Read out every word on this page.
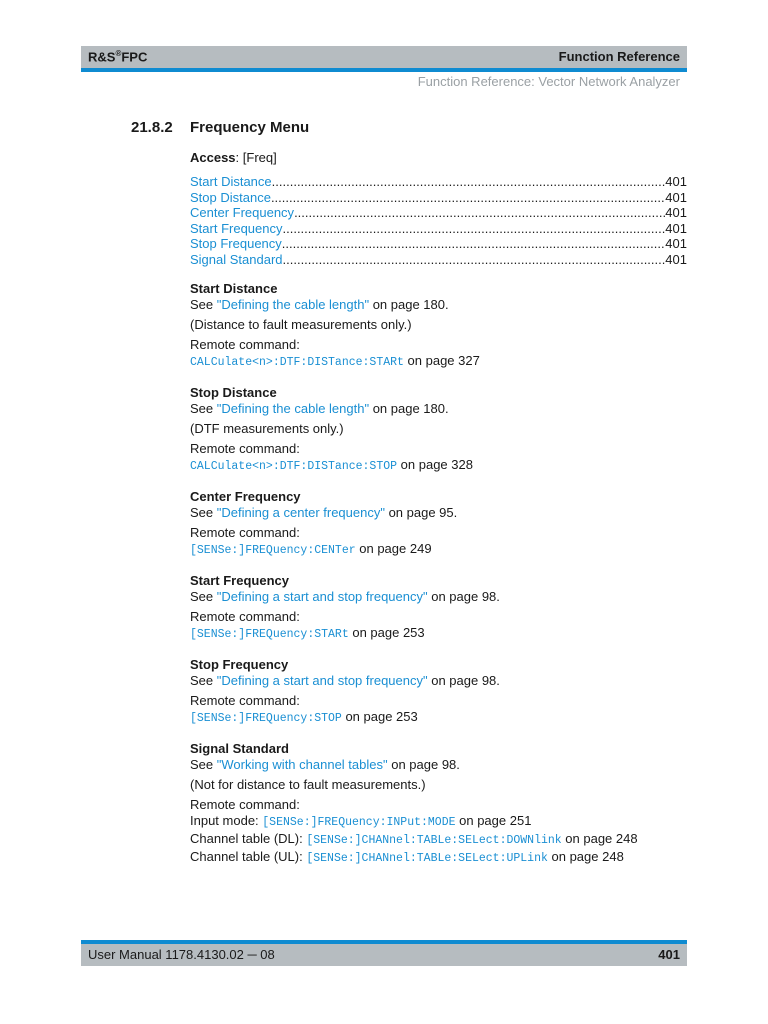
R&S®FPC	Function Reference
Function Reference: Vector Network Analyzer
21.8.2 Frequency Menu
Access: [Freq]
Start Distance .....	401
Stop Distance .....	401
Center Frequency .....	401
Start Frequency .....	401
Stop Frequency .....	401
Signal Standard .....	401
Start Distance

See "Defining the cable length" on page 180.

(Distance to fault measurements only.)

Remote command:

CALCulate<n>:DTF:DISTance:STARt on page 327

Stop Distance

See "Defining the cable length" on page 180.

(DTF measurements only.)

Remote command:

CALCulate<n>:DTF:DISTance:STOP on page 328

Center Frequency

See "Defining a center frequency" on page 95.

Remote command:

[SENSe:]FREQuency:CENTer on page 249

Start Frequency

See "Defining a start and stop frequency" on page 98.

Remote command:

[SENSe:]FREQuency:STARt on page 253

Stop Frequency

See "Defining a start and stop frequency" on page 98.

Remote command:

[SENSe:]FREQuency:STOP on page 253

Signal Standard

See "Working with channel tables" on page 98.

(Not for distance to fault measurements.)

Remote command:

Input mode: [SENSe:]FREQuency:INPut:MODE on page 251

Channel table (DL): [SENSe:]CHANnel:TABLe:SELect:DOWNlink on page 248

Channel table (UL): [SENSe:]CHANnel:TABLe:SELect:UPLink on page 248

User Manual 1178.4130.02 ─ 08	401
